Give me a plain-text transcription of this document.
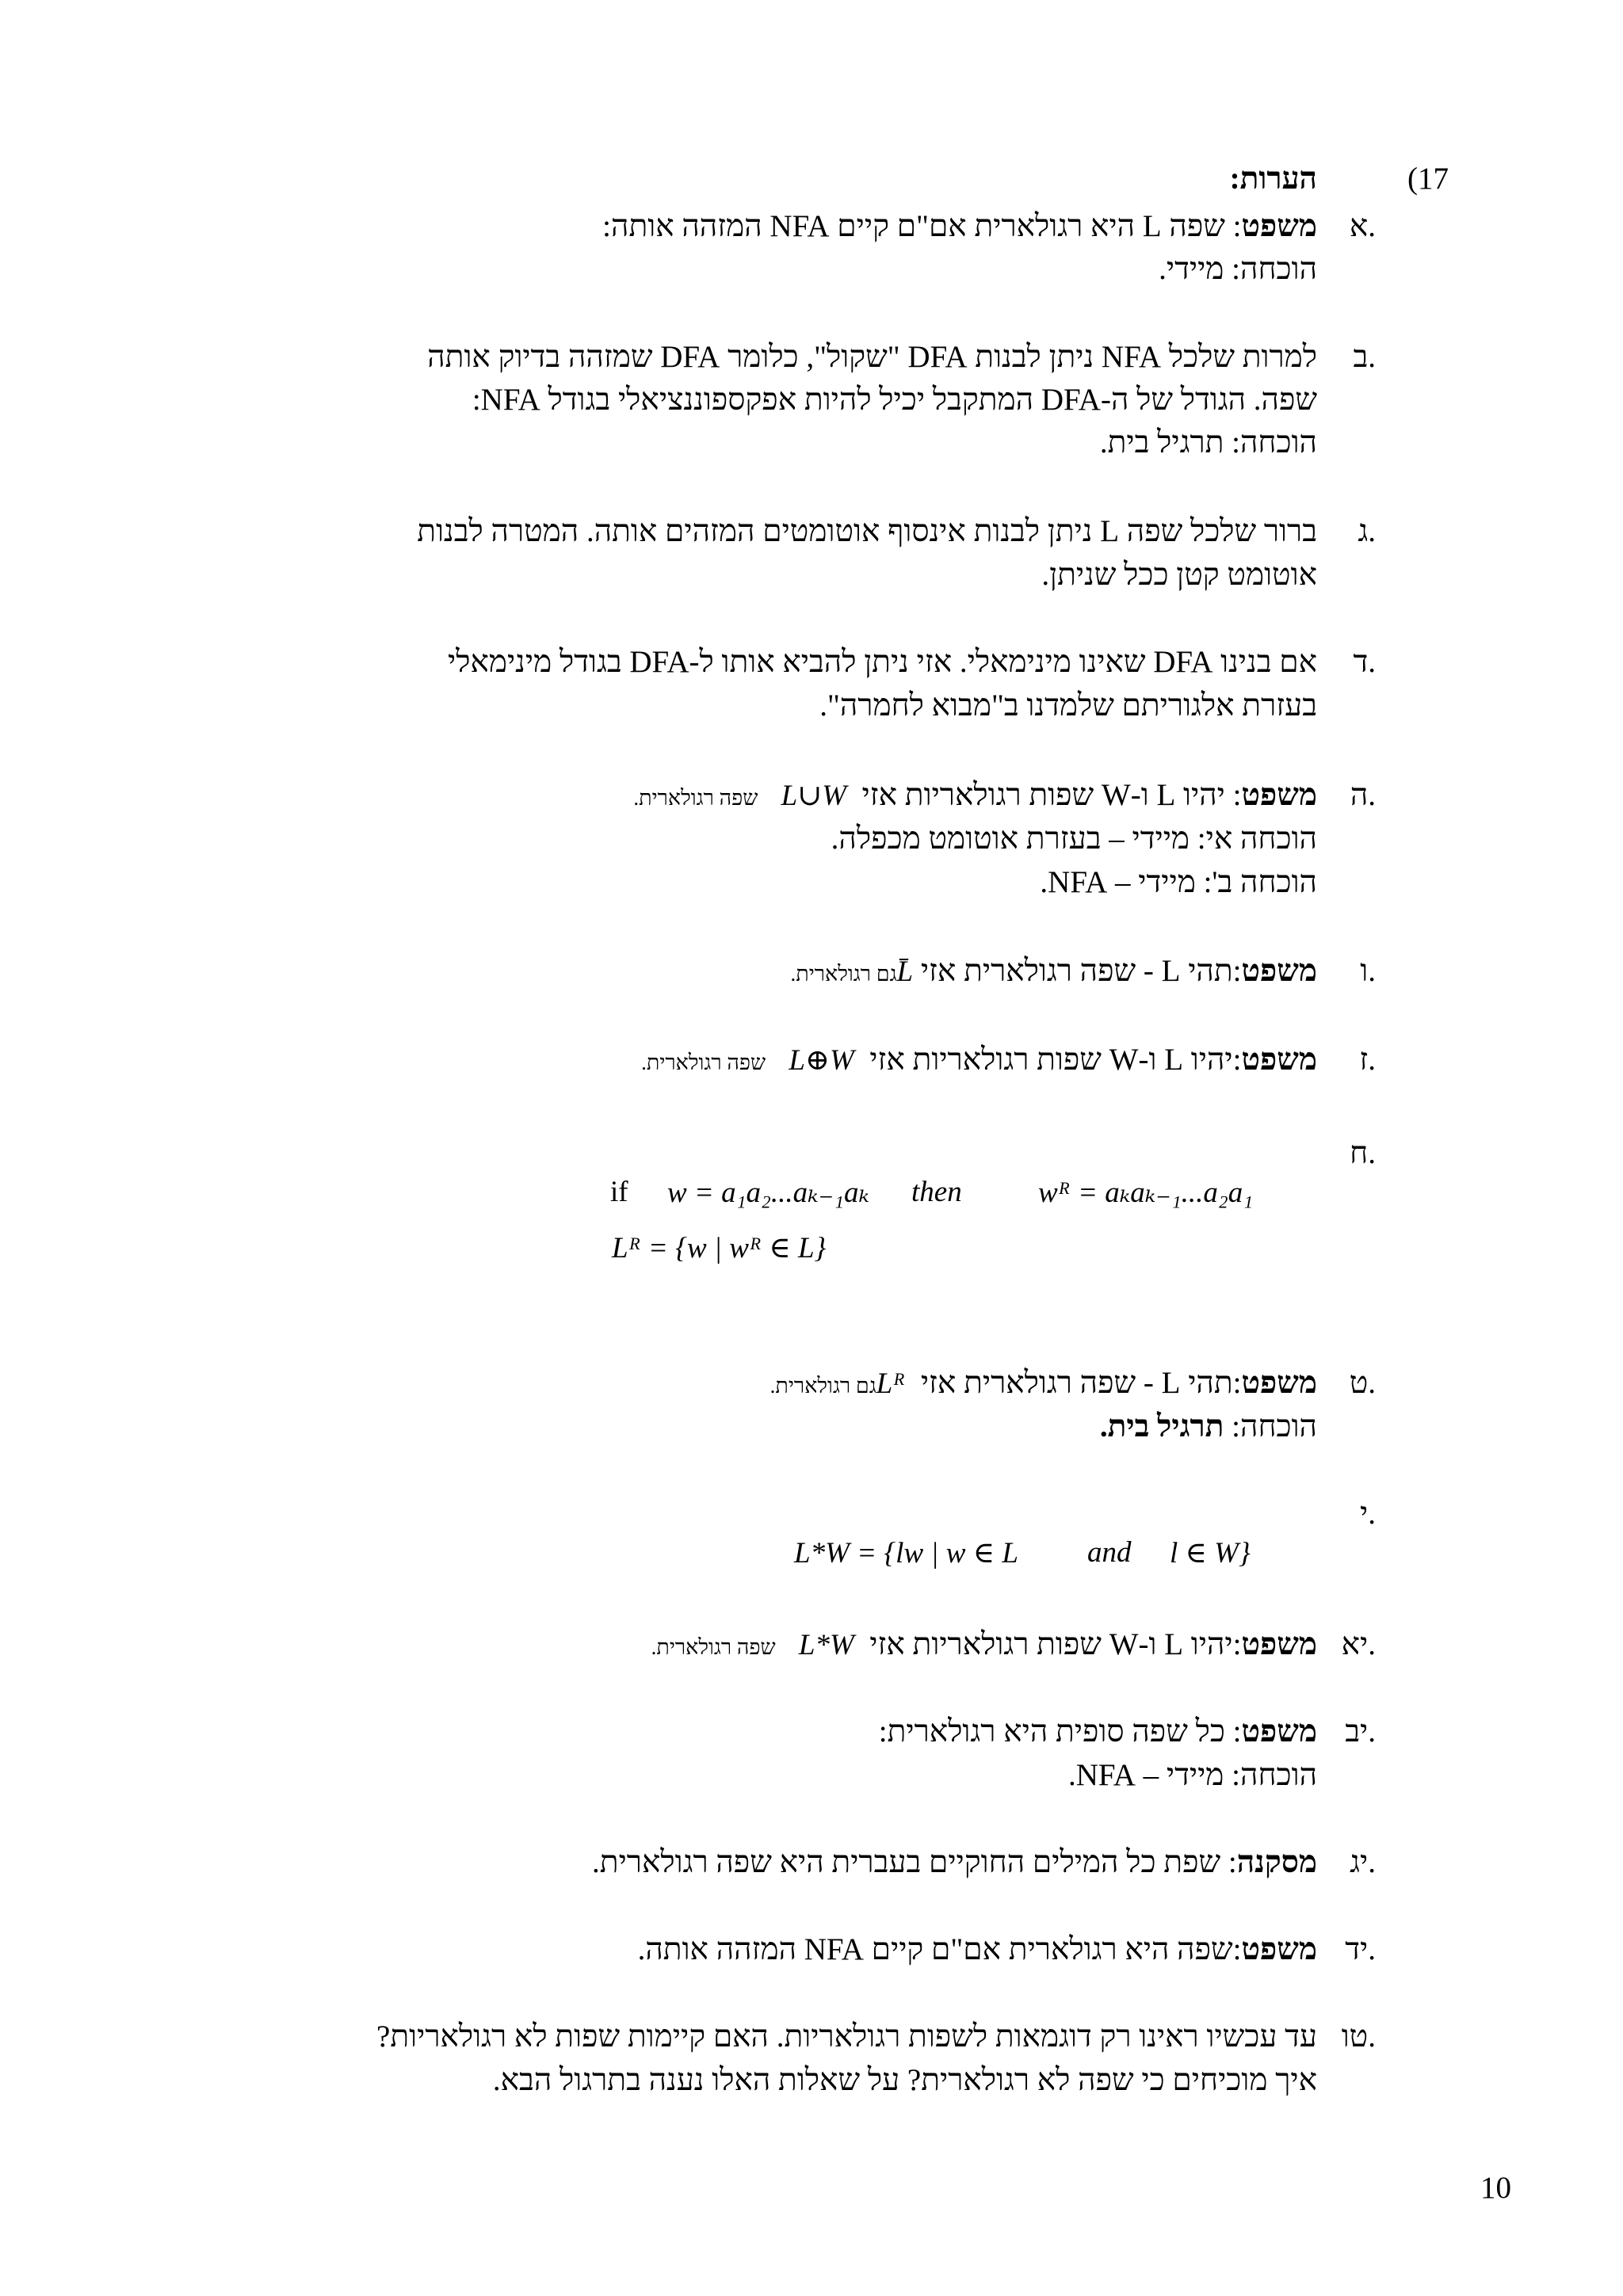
(17
הערות:
א.
משפט: שפה L היא רגולארית אם"ם קיים NFA המזהה אותה:
הוכחה: מיידי.
ב.
למרות שלכל NFA ניתן לבנות DFA "שקול", כלומר DFA שמזהה בדיוק אותה
שפה. הגודל של ה-DFA המתקבל יכיל להיות אפקספוננציאלי בגודל NFA:
הוכחה: תרגיל בית.
ג.
ברור שלכל שפה L ניתן לבנות אינסוף אוטומטים המזהים אותה. המטרה לבנות
אוטומט קטן ככל שניתן.
ד.
אם בנינו DFA שאינו מינימאלי. אזי ניתן להביא אותו ל-DFA בגודל מינימאלי
בעזרת אלגוריתם שלמדנו ב"מבוא לחמרה".
ה.
משפט: יהיו L ו-W שפות רגולאריות אזי  L∪W   שפה רגולארית.
הוכחה אי: מיידי – בעזרת אוטומט מכפלה.
הוכחה ב': מיידי – NFA.
ו.
משפט:תהי L - שפה רגולארית אזי L̄גם רגולארית.
ז.
משפט:יהיו L ו-W שפות רגולאריות אזי  L⊕W   שפה רגולארית.
ח.
if w = a₁a₂...aₖ₋₁aₖ then	wᴿ = aₖaₖ₋₁...a₂a₁
Lᴿ = {w | wᴿ ∈ L}
ט.
משפט:תהי L - שפה רגולארית אזי  Lᴿגם רגולארית.
הוכחה: תרגיל בית.
י.
L*W = {lw | w ∈ L and l ∈ W}
יא.
משפט:יהיו L ו-W שפות רגולאריות אזי  L*W   שפה רגולארית.
יב.
משפט: כל שפה סופית היא רגולארית:
הוכחה: מיידי – NFA.
יג.
מסקנה: שפת כל המילים החוקיים בעברית היא שפה רגולארית.
יד.
משפט:שפה היא רגולארית אם"ם קיים NFA המזהה אותה.
טו.
עד עכשיו ראינו רק דוגמאות לשפות רגולאריות. האם קיימות שפות לא רגולאריות?
איך מוכיחים כי שפה לא רגולארית? על שאלות האלו נענה בתרגול הבא.
10
